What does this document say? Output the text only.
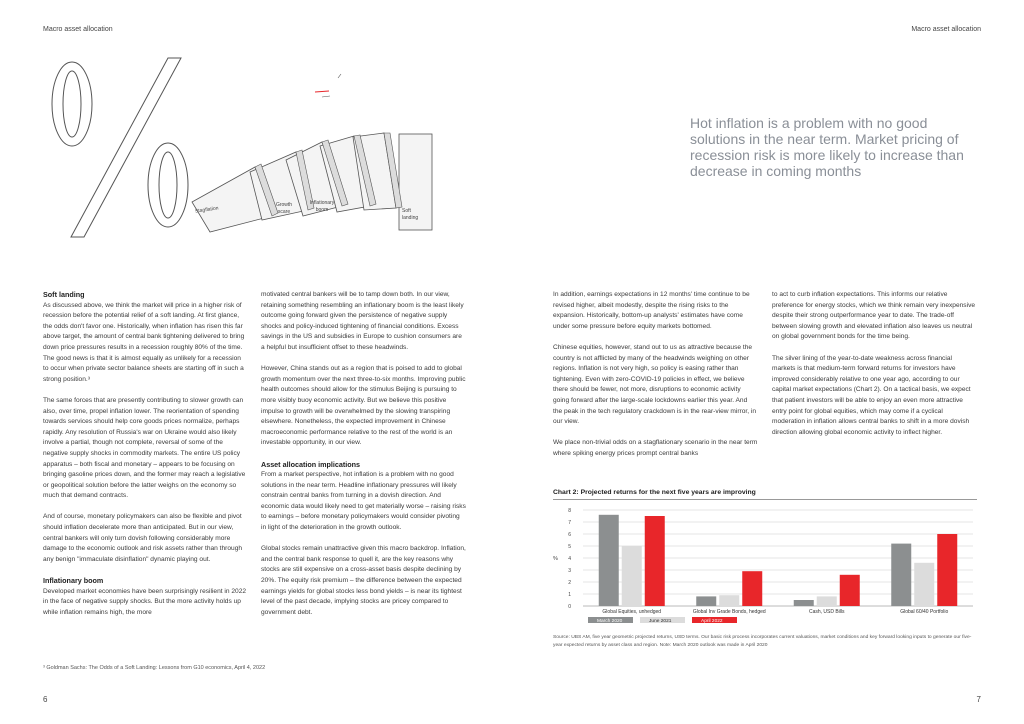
Macro asset allocation	Macro asset allocation
Stagflation
Growth scare
Inflationary boom	Soft landing
Soft landing

As discussed above, we think the market will price in a higher risk of recession before the potential relief of a soft landing. At first glance, the odds don't favor one. Historically, when inflation has risen this far above target, the amount of central bank tightening delivered to bring down price pressures results in a recession roughly 80% of the time. The good news is that it is almost equally as unlikely for a recession to occur when private sector balance sheets are starting off in such a strong position.³

The same forces that are presently contributing to slower growth can also, over time, propel inflation lower. The reorientation of spending towards services should help core goods prices normalize, perhaps rapidly. Any resolution of Russia's war on Ukraine would also likely involve a partial, though not complete, reversal of some of the negative supply shocks in commodity markets. The entire US policy apparatus – both fiscal and monetary – appears to be focusing on bringing gasoline prices down, and the former may reach a legislative or geopolitical solution before the latter weighs on the economy so much that demand contracts.

And of course, monetary policymakers can also be flexible and pivot should inflation decelerate more than anticipated. But in our view, central bankers will only turn dovish following considerably more damage to the economic outlook and risk assets rather than through any benign "immaculate disinflation" dynamic playing out.

Inflationary boom

Developed market economies have been surprisingly resilient in 2022 in the face of negative supply shocks. But the more activity holds up while inflation remains high, the more

motivated central bankers will be to tamp down both. In our view, retaining something resembling an inflationary boom is the least likely outcome going forward given the persistence of negative supply shocks and policy-induced tightening of financial conditions. Excess savings in the US and subsidies in Europe to cushion consumers are a helpful but insufficient offset to these headwinds.

However, China stands out as a region that is poised to add to global growth momentum over the next three-to-six months. Improving public health outcomes should allow for the stimulus Beijing is pursuing to more visibly buoy economic activity. But we believe this positive impulse to growth will be overwhelmed by the slowing transpiring elsewhere. Nonetheless, the expected improvement in Chinese macroeconomic performance relative to the rest of the world is an investable opportunity, in our view.

Asset allocation implications

From a market perspective, hot inflation is a problem with no good solutions in the near term. Headline inflationary pressures will likely constrain central banks from turning in a dovish direction. And economic data would likely need to get materially worse – raising risks to earnings – before monetary policymakers would consider pivoting in light of the deterioration in the growth outlook.

Global stocks remain unattractive given this macro backdrop. Inflation, and the central bank response to quell it, are the key reasons why stocks are still expensive on a cross-asset basis despite declining by 20%. The equity risk premium – the difference between the expected earnings yields for global stocks less bond yields – is near its tightest level of the past decade, implying stocks are pricey compared to government debt.

³ Goldman Sachs: The Odds of a Soft Landing: Lessons from G10 economics, April 4, 2022
6
Hot inflation is a problem with no good solutions in the near term. Market pricing of recession risk is more likely to increase than decrease in coming months

In addition, earnings expectations in 12 months' time continue to be revised higher, albeit modestly, despite the rising risks to the expansion. Historically, bottom-up analysts' estimates have come under some pressure before equity markets bottomed.

Chinese equities, however, stand out to us as attractive because the country is not afflicted by many of the headwinds weighing on other regions. Inflation is not very high, so policy is easing rather than tightening. Even with zero-COVID-19 policies in effect, we believe there should be fewer, not more, disruptions to economic activity going forward after the large-scale lockdowns earlier this year. And the peak in the tech regulatory crackdown is in the rear-view mirror, in our view.

We place non-trivial odds on a stagflationary scenario in the near term where spiking energy prices prompt central banks

to act to curb inflation expectations. This informs our relative preference for energy stocks, which we think remain very inexpensive despite their strong outperformance year to date. The trade-off between slowing growth and elevated inflation also leaves us neutral on global government bonds for the time being.

The silver lining of the year-to-date weakness across financial markets is that medium-term forward returns for investors have improved considerably relative to one year ago, according to our capital market expectations (Chart 2). On a tactical basis, we expect that patient investors will be able to enjoy an even more attractive entry point for global equities, which may come if a cyclical moderation in inflation allows central banks to shift in a more dovish direction allowing global economic activity to inflect higher.

Chart 2: Projected returns for the next five years are improving
0
1
2
3
4
5
6
7
8
%
Global Equities, unhedged	Global Inv Grade Bonds, hedged	Cash, USD Bills	Global 60/40 Portfolio
March 2020	June 2021	April 2022
Source: UBS AM, five year geometric projected returns, USD terms. Our basic risk process incorporates current valuations, market conditions and key forward looking inputs to generate our five-year expected returns by asset class and region. Note: March 2020 outlook was made in April 2020
7
